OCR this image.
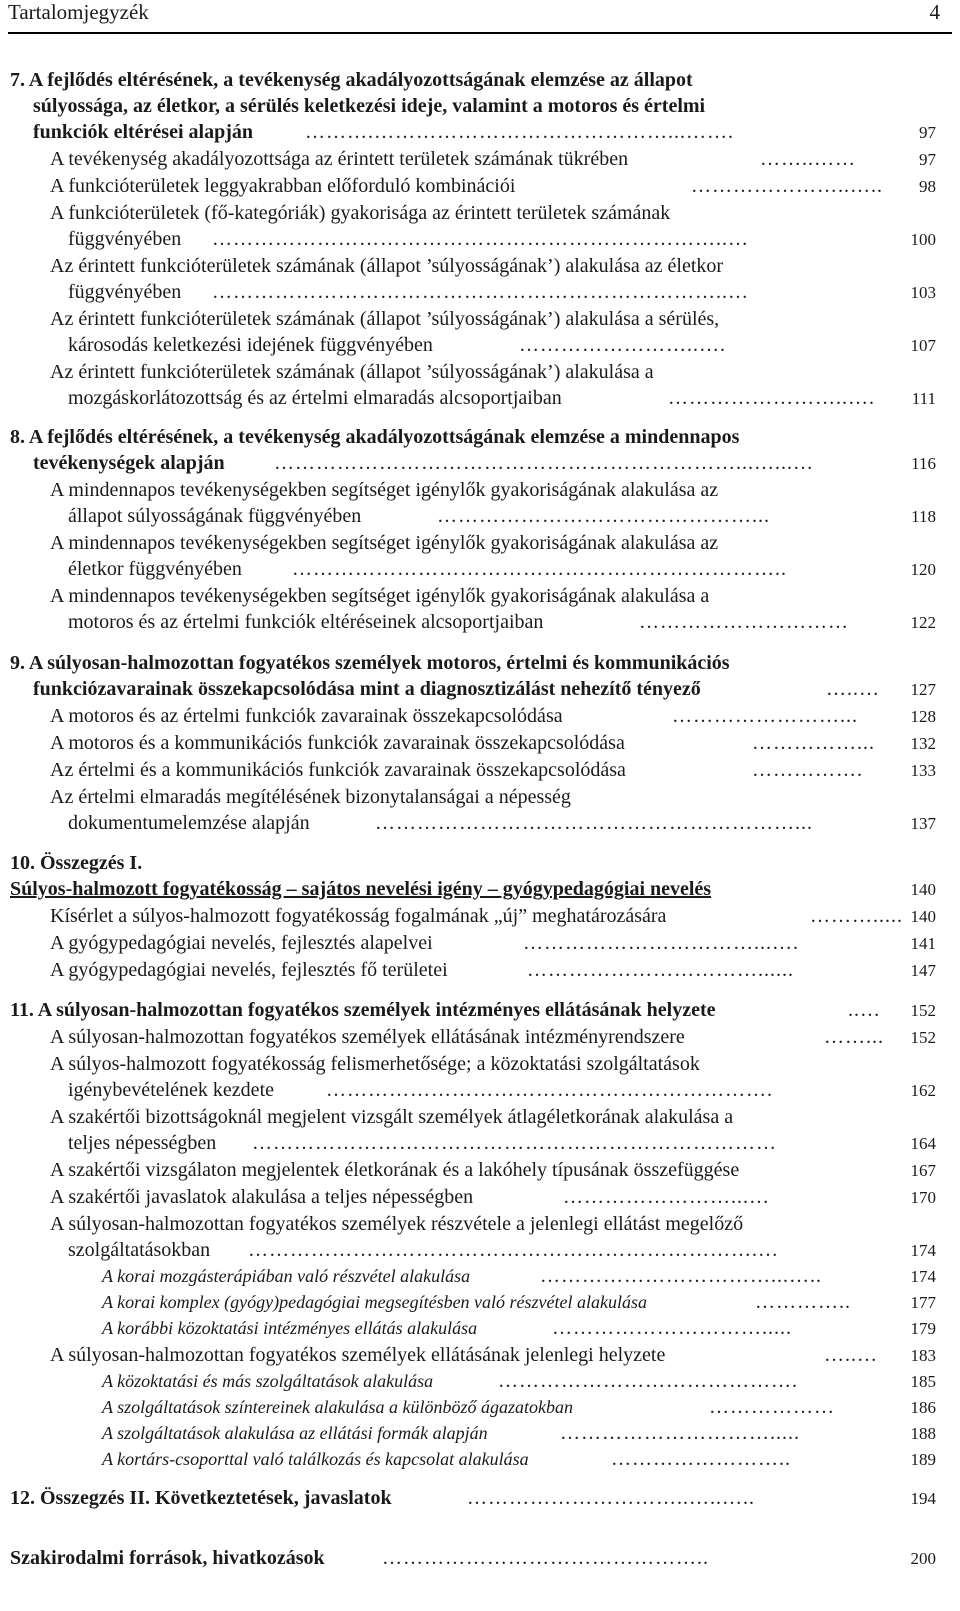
Tartalomjegyzék	4
7. A fejlődés eltérésének, a tevékenység akadályozottságának elemzése az állapot
súlyossága, az életkor, a sérülés keletkezési ideje, valamint a motoros és értelmi
funkciók eltérései alapján	……….……………………………………...…….	97
A tevékenység akadályozottsága az érintett területek számának tükrében	……..……	97
A funkcióterületek leggyakrabban előforduló kombinációi	…………………..…..	98
A funkcióterületek (fő-kategóriák) gyakorisága az érintett területek számának
függvényében ………………………………………………………………..…	100
Az érintett funkcióterületek számának (állapot ’súlyosságának’) alakulása az életkor
függvényében ………………………………………………………………..…	103
Az érintett funkcióterületek számának (állapot ’súlyosságának’) alakulása a sérülés,
károsodás keletkezési idejének függvényében	……………………..….	107
Az érintett funkcióterületek számának (állapot ’súlyosságának’) alakulása a
mozgáskorlátozottság és az értelmi elmaradás alcsoportjaiban	……………………..….	111
8. A fejlődés eltérésének, a tevékenység akadályozottságának elemzése a mindennapos
tevékenységek alapján …………………………………………………………...…...…	116
A mindennapos tevékenységekben segítséget igénylők gyakoriságának alakulása az
állapot súlyosságának függvényében	………………………………………...	118
A mindennapos tevékenységekben segítséget igénylők gyakoriságának alakulása az
életkor függvényében	……………………………………………………………..	120
A mindennapos tevékenységekben segítséget igénylők gyakoriságának alakulása a
motoros és az értelmi funkciók eltéréseinek alcsoportjaiban	…………………………	122
9. A súlyosan-halmozottan fogyatékos személyek motoros, értelmi és kommunikációs
funkciózavarainak összekapcsolódása mint a diagnosztizálást nehezítő tényező	…..…	127
A motoros és az értelmi funkciók zavarainak összekapcsolódása	……………………...	128
A motoros és a kommunikációs funkciók zavarainak összekapcsolódása	……………...	132
Az értelmi és a kommunikációs funkciók zavarainak összekapcsolódása	…………….	133
Az értelmi elmaradás megítélésének bizonytalanságai a népesség
dokumentumelemzése alapján	……………………………………………………...	137
10. Összegzés I.
Súlyos-halmozott fogyatékosság – sajátos nevelési igény – gyógypedagógiai nevelés	140
Kísérlet a súlyos-halmozott fogyatékosság fogalmának „új” meghatározására	………..... 140
A gyógypedagógiai nevelés, fejlesztés alapelvei	……………………………...….	141
A gyógypedagógiai nevelés, fejlesztés fő területei	……………………………......	147
11. A súlyosan-halmozottan fogyatékos személyek intézményes ellátásának helyzete	..…	152
A súlyosan-halmozottan fogyatékos személyek ellátásának intézményrendszere	……...	152
A súlyos-halmozott fogyatékosság felismerhetősége; a közoktatási szolgáltatások
igénybevételének kezdete	……………………………………………………….	162
A szakértői bizottságoknál megjelent vizsgált személyek átlagéletkorának alakulása a
teljes népességben …………………………………………………………………	164
A szakértői vizsgálaton megjelentek életkorának és a lakóhely típusának összefüggése	167
A szakértői javaslatok alakulása a teljes népességben	……………………...…	170
A súlyosan-halmozottan fogyatékos személyek részvétele a jelenlegi ellátást megelőző
szolgáltatásokban ……………………………………………………………….…	174
A korai mozgásterápiában való részvétel alakulása	……………………………...…..	174
A korai komplex (gyógy)pedagógiai megsegítésben való részvétel alakulása	…………..	177
A korábbi közoktatási intézményes ellátás alakulása	………………………….....	179
A súlyosan-halmozottan fogyatékos személyek ellátásának jelenlegi helyzete	…..…	183
A közoktatási és más szolgáltatások alakulása	…………………………………….	185
A szolgáltatások színtereinek alakulása a különböző ágazatokban	………………	186
A szolgáltatások alakulása az ellátási formák alapján	………………………….....	188
A kortárs-csoporttal való találkozás és kapcsolat alakulása	……………………..	189
12. Összegzés II. Következtetések, javaslatok	…………………………..…..…..	194
Szakirodalmi források, hivatkozások	………………………………………..	200
